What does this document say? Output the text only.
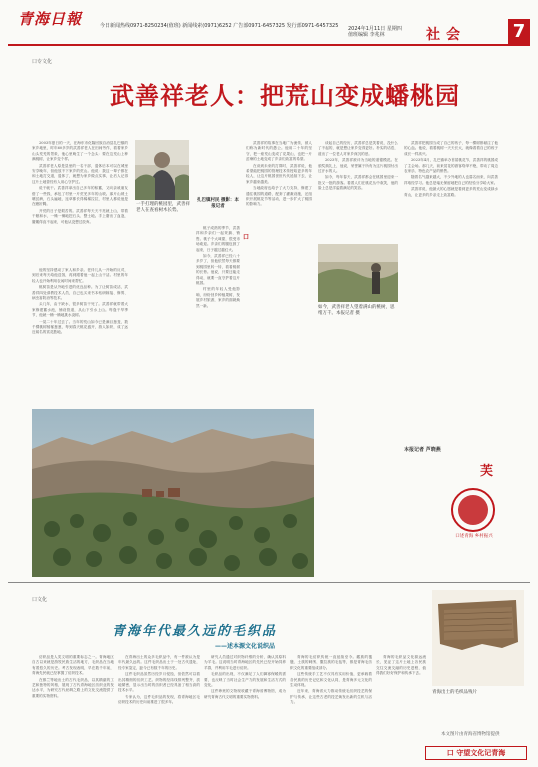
青海日報	今日新闻热线0971-8250234(值班) 新闻线索(0971)6252 广告部0971-6457325 发行部0971-6457325 2024年1月11日 星期四 值班编辑 李兆林	社会	7
口专文化
武善祥老人：把荒山变成蟠桃园

2003年夏日的一天，在海东市化隆回族自治县扎巴镇的家乡地里，时年60多岁的武善祥老人在田间劳作，看着家乡山头荒芜的景象，他心里萌生了一个念头：要在这荒山上种满桃树，让家乡变个样。

武善祥老人原是县里的一名干部，退休后本可以在城里安享晚年，但他放不下家乡的荒山。他说：我这一辈子都在和土地打交道，退休了，就想为家乡做点实事，让后人记得这片土地曾经有人用心守护过。

说干就干。武善祥拿出自己多年的积蓄，又向亲戚朋友借了一些钱，承包了村里一片荒芜多年的山坡。那片山坡土壤贫瘠，石头遍地，连草都长得稀稀拉拉，村里人都说他是在瞎折腾。

开荒的日子是艰苦的。武善祥每天天不亮就上山，带着干粮和水，一锄一锄地挖石头、整土地。手上磨出了血泡，腰累得直不起来，可他从没想过放弃。

一手打理的桃园里，武善祥老人在查看树木长势。

他的坚持感动了家人和乡亲。老伴儿从一开始的反对，到后来每天给他送饭，再到跟着他一起上山干活。村里的年轻人也开始利用农闲时间来帮忙。

桃树苗是从外地引进的优良品种。为了让树苗成活，武善祥四处请教技术人员，自己也买来书本钻研嫁接、修剪、病虫害防治等技术。

头几年，由于缺水，很多树苗干死了。武善祥就带着大家修建蓄水池，铺设管道，从山下引水上山。每逢干旱季节，他就一桶一桶地挑水浇树。

一晃二十年过去了。当年的荒山如今已是满目葱茏，数千棵桃树郁郁葱葱，每到春天桃花盛开，游人如织，成了远近闻名的赏花胜地。

扎巴镇村民 摄影：本报记者

桃子成熟的季节，武善祥和乡亲们一起采摘、销售。桃子个大味甜，很受市场欢迎。乡亲们的腰包鼓了起来，日子越过越红火。

如今，武善祥已经八十多岁了，但他依然每天都要到桃园里转一转，看看桃树的长势。他说，只要还能走得动，就要一直守护着这片桃园。

村里的年轻人受他影响，纷纷回乡种植果树，发展乡村旅游，家乡的面貌焕然一新。

口

武善祥的故事在当地广为流传，被人们称为新时代的愚公。他用二十年的坚守，把一座荒山变成了花果山，也把一片贫瘠的土地变成了乡亲们致富的希望。

在谈到未来的打算时，武善祥说，他希望能把桃园的管理技术传授给更多的年轻人，让这片桃园世世代代延续下去，让家乡越来越美。

当地政府也给予了大力支持，修建了通往桃园的道路，配套了灌溉设施，还组织开展桃花节等活动，进一步扩大了桃园的影响力。

谈起自己的经历，武善祥总是笑着说，没什么了不起的，就是想让家乡变得更好。朴实的话语，道出了一位老人对家乡深沉的爱。

2023年，武善祥被评为当地的道德模范。在颁奖典礼上，他说，荣誉属于所有为这片桃园付出过汗水的人。

如今，每年春天，武善祥都会在桃园里迎来一批又一批的游客。看着人们在桃花丛中欢笑，他的脸上总是洋溢着满足的笑容。

如今，武善祥老人望着满山的桃树，思绪万千。本报记者 摄

武善祥把桃园当成了自己的孩子，每一棵树都倾注了他的心血。他说，看着桃树一天天长大，就像看着自己的孩子成长一样高兴。

2023年4月，扎巴镇举办首届桃花节，武善祥的桃园成了主会场。那几天，前来赏花的游客络绎不绝，带动了周边农家乐、特色农产品的销售。

随着名气越来越大，不少外地的人也慕名而来，向武善祥取经学习。他总是毫无保留地把自己的经验分享给大家。

武善祥说，他最大的心愿就是看到更多的荒山变成绿水青山，让更多的乡亲走上致富路。

本报记者 芦晓燕
芙
口述青海 乡村振兴
口文化
青海年代最久远的毛织品
——述本源文化说织品

纺织品是人类文明的重要标志之一。青海地区自古以来就是游牧民族生活的地方，毛织品在当地有着悠久的历史。考古发现表明，早在数千年前，青海先民就已经掌握了纺织技术。

在都兰等地出土的古代毛织品，以其精湛的工艺和独特的风格，展现了古代青海地区纺织业的发达水平，为研究古代丝绸之路上的文化交流提供了重要的实物资料。

在青海出土的众多毛织品中，有一件被认为是年代最久远的。这件毛织品出土于一处古代遗址，经专家鉴定，距今已有数千年的历史。

这件毛织品虽然历经岁月侵蚀，但依然可以看出其精细的纺织工艺。织物的经纬线排列整齐，质地紧密，显示出当时的纺织者已经具备了相当高的技术水平。

专家认为，这件毛织品的发现，将青海地区毛纺织技术的历史向前推进了很多年。

研究人员通过对织物纤维的分析，确认其原料为羊毛。这说明当时青海地区的先民已经开始饲养羊群，并利用羊毛进行纺织。

毛织品的出现，不仅满足了人们御寒保暖的需要，也反映了当时社会生产力的发展和生活方式的变化。

这件珍贵的文物现收藏于青海省博物馆，成为研究青海古代文明的重要实物资料。

青海的毛纺织传统一直延续至今。藏族的氆氇、土族的刺绣、撒拉族的毛毡等，都是青海毛纺织文化的重要组成部分。

这些传统手工艺不仅具有实用价值，更承载着各民族的历史记忆和文化认同，是青海多元文化的生动体现。

近年来，青海省大力推动传统毛纺织技艺的保护与传承，让这些古老的技艺焕发出新的生机与活力。

青海的毛织品文化源远流长，见证了这片土地上各民族交往交流交融的历史进程，值得我们好好保护和传承下去。

青海出土的毛织品残片
本文图片由青海省博物馆提供
口 守望文化记青海
